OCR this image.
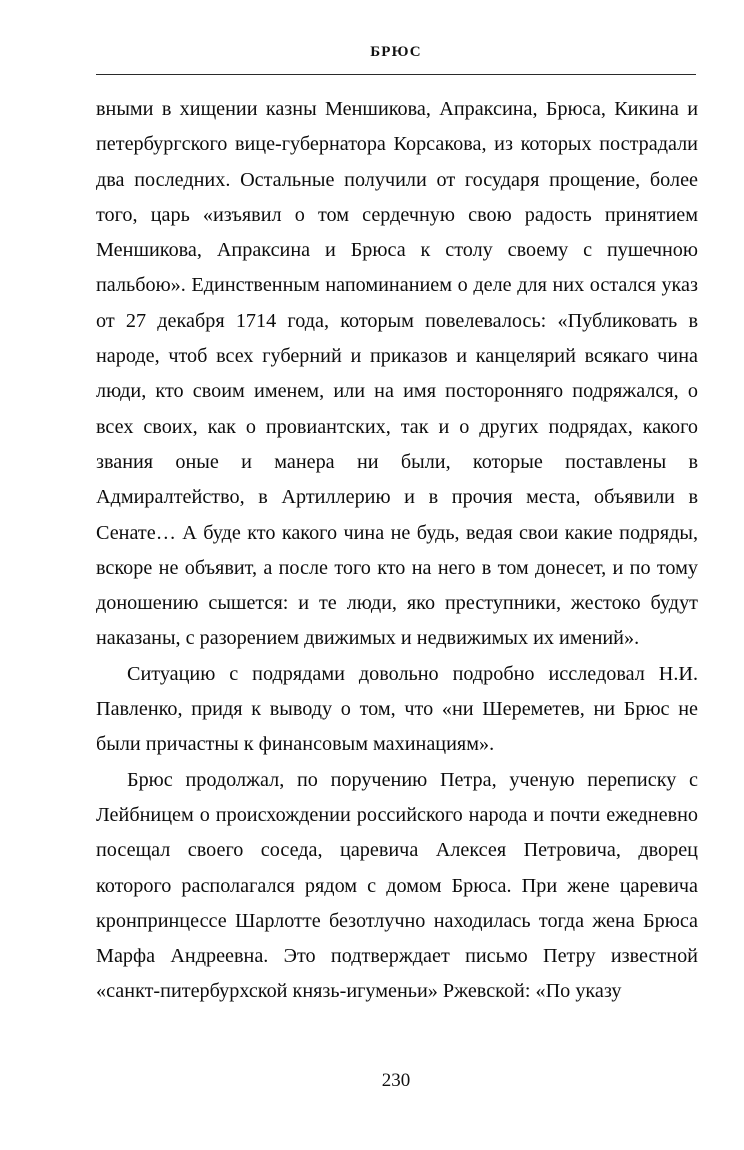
БРЮС

вными в хищении казны Меншикова, Апраксина, Брюса, Кикина и петербургского вице-губернатора Корсакова, из которых пострадали два последних. Остальные получили от государя прощение, более того, царь «изъявил о том сердечную свою радость принятием Меншикова, Апраксина и Брюса к столу своему с пушечною пальбою». Единственным напоминанием о деле для них остался указ от 27 декабря 1714 года, которым повелевалось: «Публиковать в народе, чтоб всех губерний и приказов и канцелярий всякаго чина люди, кто своим именем, или на имя посторонняго подряжался, о всех своих, как о провиантских, так и о других подрядах, какого звания оные и манера ни были, которые поставлены в Адмиралтейство, в Артиллерию и в прочия места, объявили в Сенате… А буде кто какого чина не будь, ведая свои какие подряды, вскоре не объявит, а после того кто на него в том донесет, и по тому доношению сышется: и те люди, яко преступники, жестоко будут наказаны, с разорением движимых и недвижимых их имений».

Ситуацию с подрядами довольно подробно исследовал Н.И. Павленко, придя к выводу о том, что «ни Шереметев, ни Брюс не были причастны к финансовым махинациям».

Брюс продолжал, по поручению Петра, ученую переписку с Лейбницем о происхождении российского народа и почти ежедневно посещал своего соседа, царевича Алексея Петровича, дворец которого располагался рядом с домом Брюса. При жене царевича кронпринцессе Шарлотте безотлучно находилась тогда жена Брюса Марфа Андреевна. Это подтверждает письмо Петру известной «санкт-питербурхской князь-игуменьи» Ржевской: «По указу

230
